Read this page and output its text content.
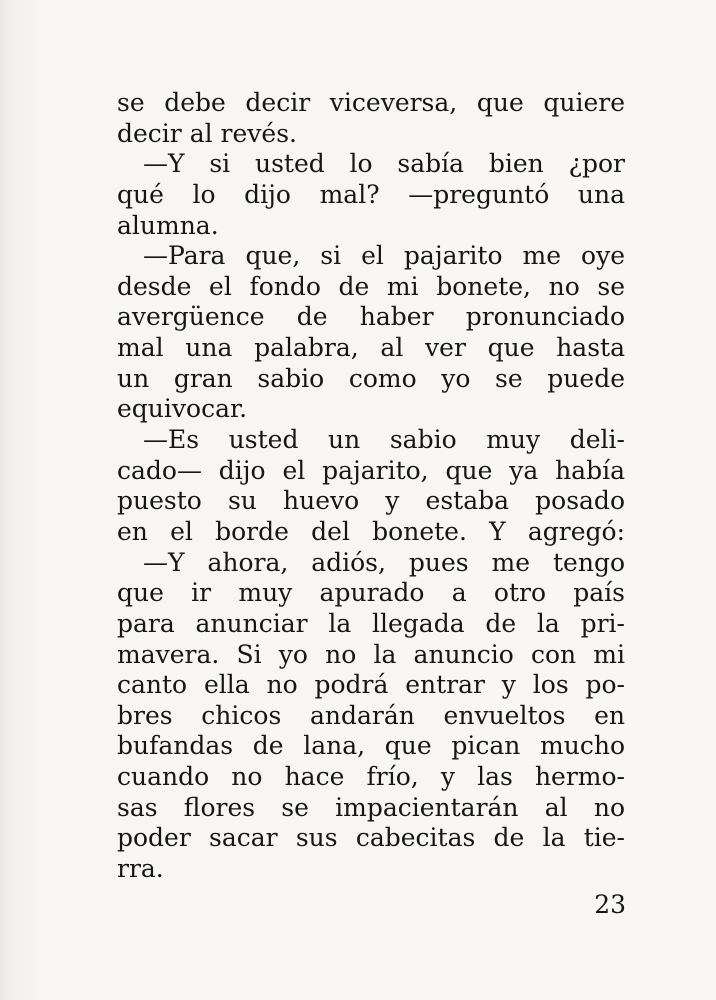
se debe decir viceversa, que quiere
decir al revés.
—Y si usted lo sabía bien ¿por
qué lo dijo mal? —preguntó una
alumna.
—Para que, si el pajarito me oye
desde el fondo de mi bonete, no se
avergüence de haber pronunciado
mal una palabra, al ver que hasta
un gran sabio como yo se puede
equivocar.
—Es usted un sabio muy deli-
cado— dijo el pajarito, que ya había
puesto su huevo y estaba posado
en el borde del bonete. Y agregó:
—Y ahora, adiós, pues me tengo
que ir muy apurado a otro país
para anunciar la llegada de la pri-
mavera. Si yo no la anuncio con mi
canto ella no podrá entrar y los po-
bres chicos andarán envueltos en
bufandas de lana, que pican mucho
cuando no hace frío, y las hermo-
sas flores se impacientarán al no
poder sacar sus cabecitas de la tie-
rra.
23
